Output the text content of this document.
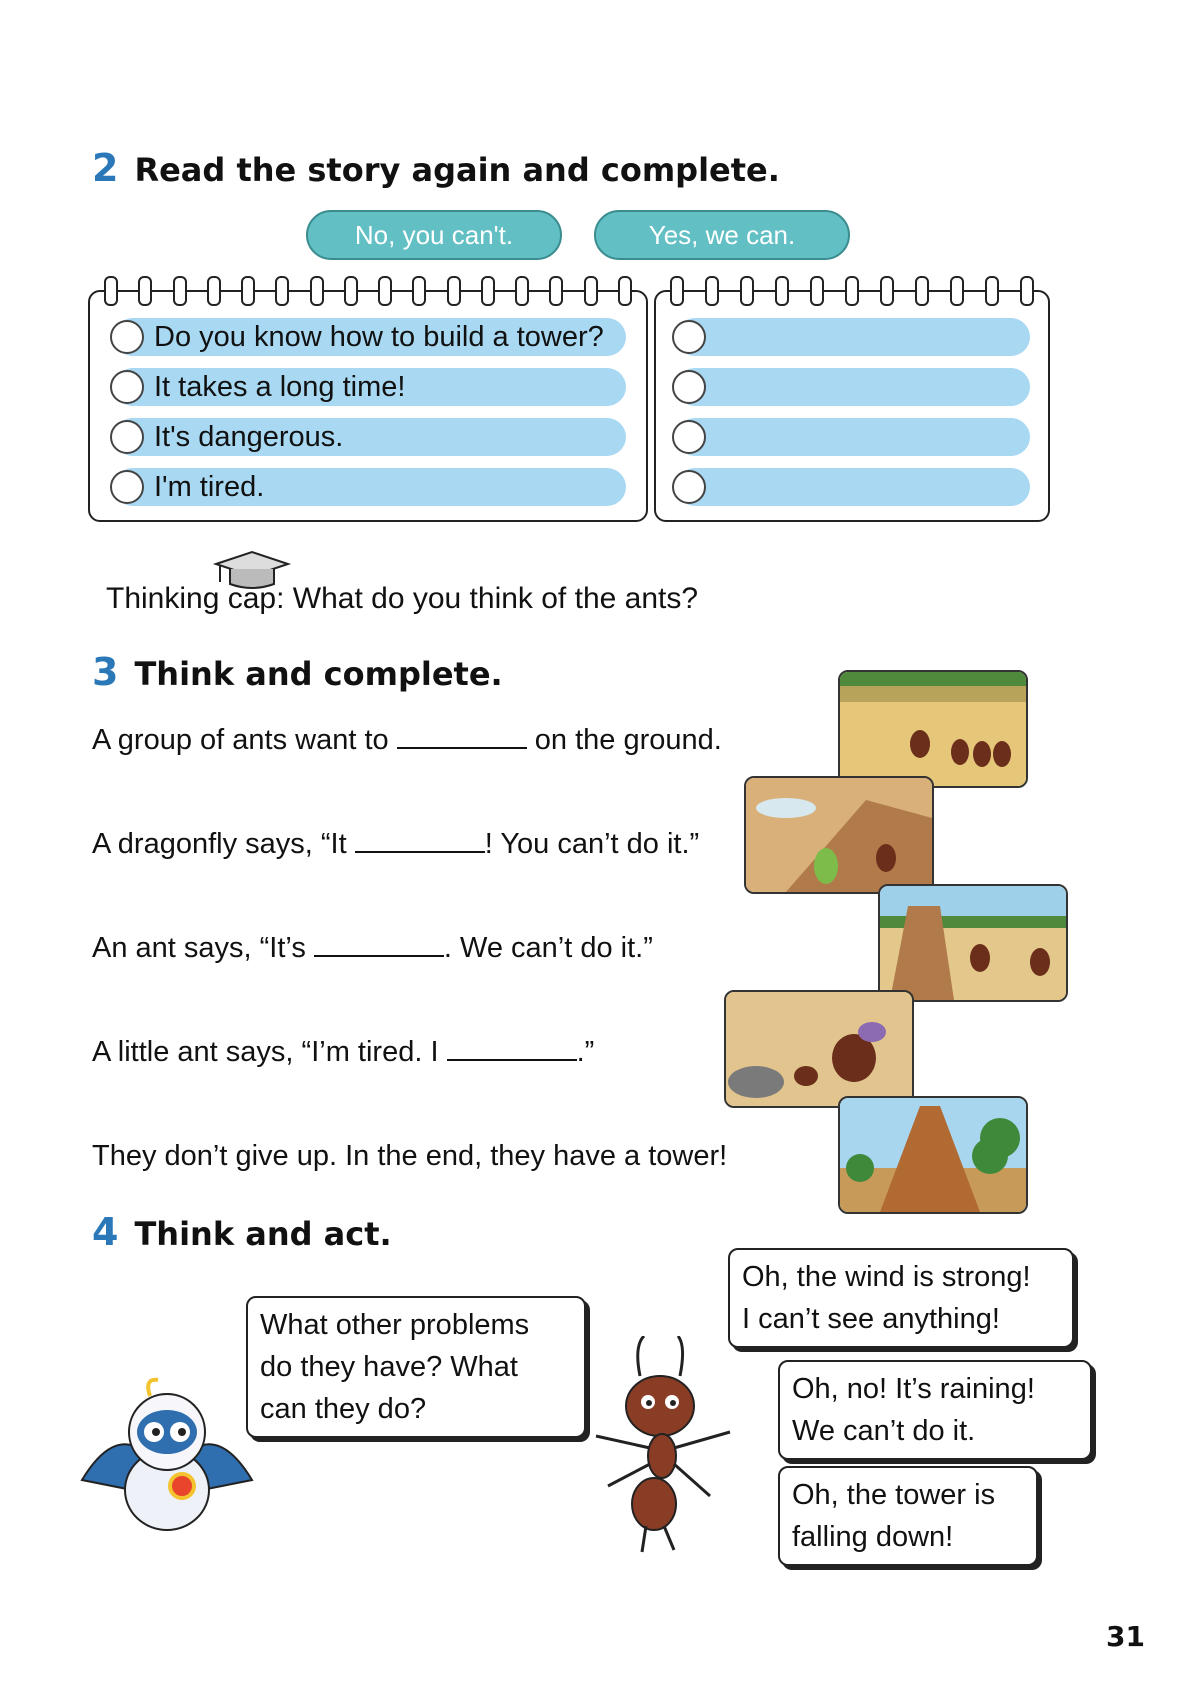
2 Read the story again and complete.
No, you can't.	Yes, we can.
Do you know how to build a tower?
It takes a long time!
It's dangerous.
I'm tired.
Thinking cap: What do you think of the ants?
3 Think and complete.
A group of ants want to	on the ground.
A dragonfly says, “It	! You can’t do it.”
An ant says, “It’s	. We can’t do it.”
A little ant says, “I’m tired. I	.”
They don’t give up. In the end, they have a tower!
4 Think and act.
What other problems
do they have? What
can they do?
Oh, the wind is strong!
I can’t see anything!
Oh, no! It’s raining!
We can’t do it.
Oh, the tower is
falling down!
31
